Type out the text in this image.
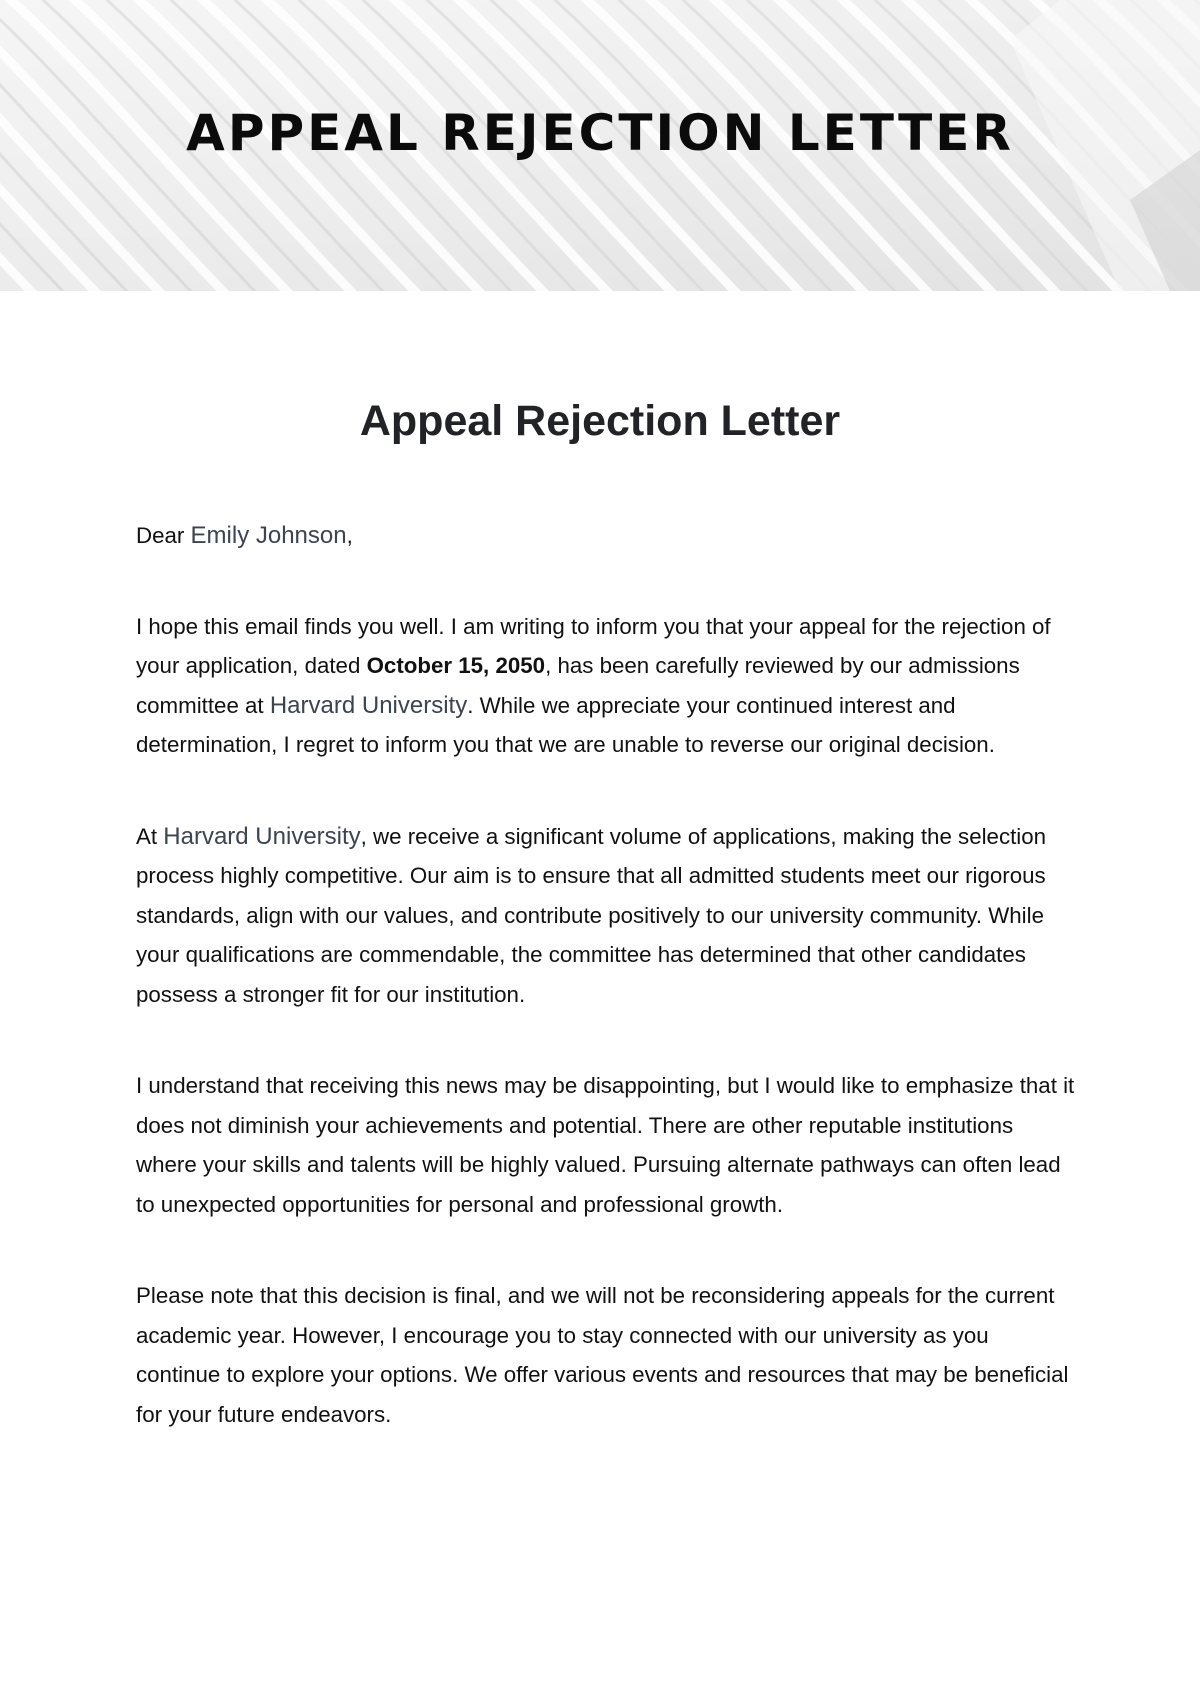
APPEAL REJECTION LETTER
Appeal Rejection Letter

Dear Emily Johnson,

I hope this email finds you well. I am writing to inform you that your appeal for the rejection of your application, dated October 15, 2050, has been carefully reviewed by our admissions committee at Harvard University. While we appreciate your continued interest and determination, I regret to inform you that we are unable to reverse our original decision.

At Harvard University, we receive a significant volume of applications, making the selection process highly competitive. Our aim is to ensure that all admitted students meet our rigorous standards, align with our values, and contribute positively to our university community. While your qualifications are commendable, the committee has determined that other candidates possess a stronger fit for our institution.

I understand that receiving this news may be disappointing, but I would like to emphasize that it does not diminish your achievements and potential. There are other reputable institutions where your skills and talents will be highly valued. Pursuing alternate pathways can often lead to unexpected opportunities for personal and professional growth.

Please note that this decision is final, and we will not be reconsidering appeals for the current academic year. However, I encourage you to stay connected with our university as you continue to explore your options. We offer various events and resources that may be beneficial for your future endeavors.
